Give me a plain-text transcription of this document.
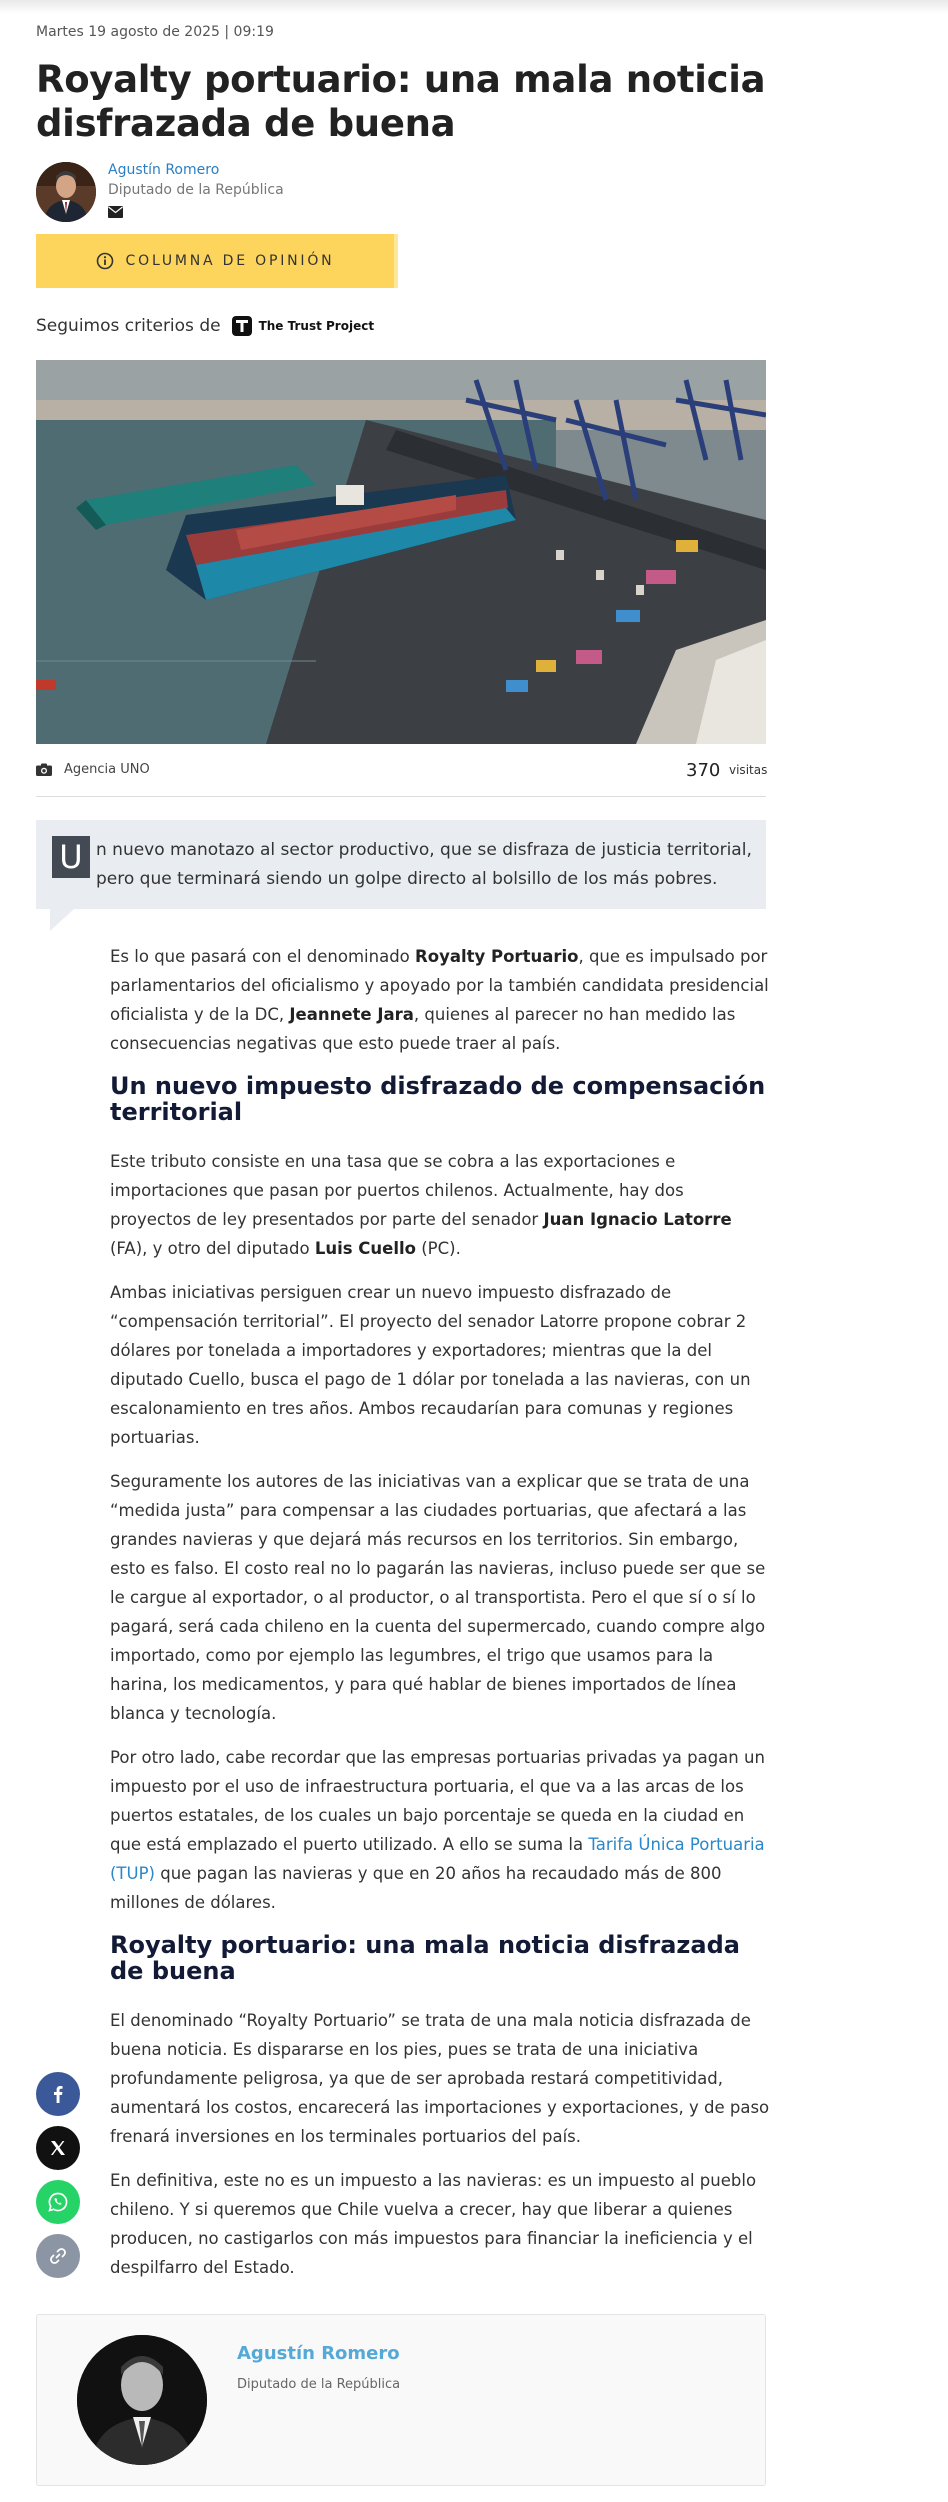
Martes 19 agosto de 2025 | 09:19
Royalty portuario: una mala noticia disfrazada de buena
Agustín Romero
Diputado de la República
COLUMNA DE OPINIÓN
Seguimos criterios de	The Trust Project
Agencia UNO	370 visitas
U n nuevo manotazo al sector productivo, que se disfraza de justicia territorial, pero que terminará siendo un golpe directo al bolsillo de los más pobres.

Es lo que pasará con el denominado Royalty Portuario, que es impulsado por parlamentarios del oficialismo y apoyado por la también candidata presidencial oficialista y de la DC, Jeannete Jara, quienes al parecer no han medido las consecuencias negativas que esto puede traer al país.

Un nuevo impuesto disfrazado de compensación territorial

Este tributo consiste en una tasa que se cobra a las exportaciones e importaciones que pasan por puertos chilenos. Actualmente, hay dos proyectos de ley presentados por parte del senador Juan Ignacio Latorre (FA), y otro del diputado Luis Cuello (PC).

Ambas iniciativas persiguen crear un nuevo impuesto disfrazado de “compensación territorial”. El proyecto del senador Latorre propone cobrar 2 dólares por tonelada a importadores y exportadores; mientras que la del diputado Cuello, busca el pago de 1 dólar por tonelada a las navieras, con un escalonamiento en tres años. Ambos recaudarían para comunas y regiones portuarias.

Seguramente los autores de las iniciativas van a explicar que se trata de una “medida justa” para compensar a las ciudades portuarias, que afectará a las grandes navieras y que dejará más recursos en los territorios. Sin embargo, esto es falso. El costo real no lo pagarán las navieras, incluso puede ser que se le cargue al exportador, o al productor, o al transportista. Pero el que sí o sí lo pagará, será cada chileno en la cuenta del supermercado, cuando compre algo importado, como por ejemplo las legumbres, el trigo que usamos para la harina, los medicamentos, y para qué hablar de bienes importados de línea blanca y tecnología.

Por otro lado, cabe recordar que las empresas portuarias privadas ya pagan un impuesto por el uso de infraestructura portuaria, el que va a las arcas de los puertos estatales, de los cuales un bajo porcentaje se queda en la ciudad en que está emplazado el puerto utilizado. A ello se suma la Tarifa Única Portuaria (TUP) que pagan las navieras y que en 20 años ha recaudado más de 800 millones de dólares.

Royalty portuario: una mala noticia disfrazada de buena

El denominado “Royalty Portuario” se trata de una mala noticia disfrazada de buena noticia. Es dispararse en los pies, pues se trata de una iniciativa profundamente peligrosa, ya que de ser aprobada restará competitividad, aumentará los costos, encarecerá las importaciones y exportaciones, y de paso frenará inversiones en los terminales portuarios del país.

En definitiva, este no es un impuesto a las navieras: es un impuesto al pueblo chileno. Y si queremos que Chile vuelva a crecer, hay que liberar a quienes producen, no castigarlos con más impuestos para financiar la ineficiencia y el despilfarro del Estado.

Agustín Romero
Diputado de la República
